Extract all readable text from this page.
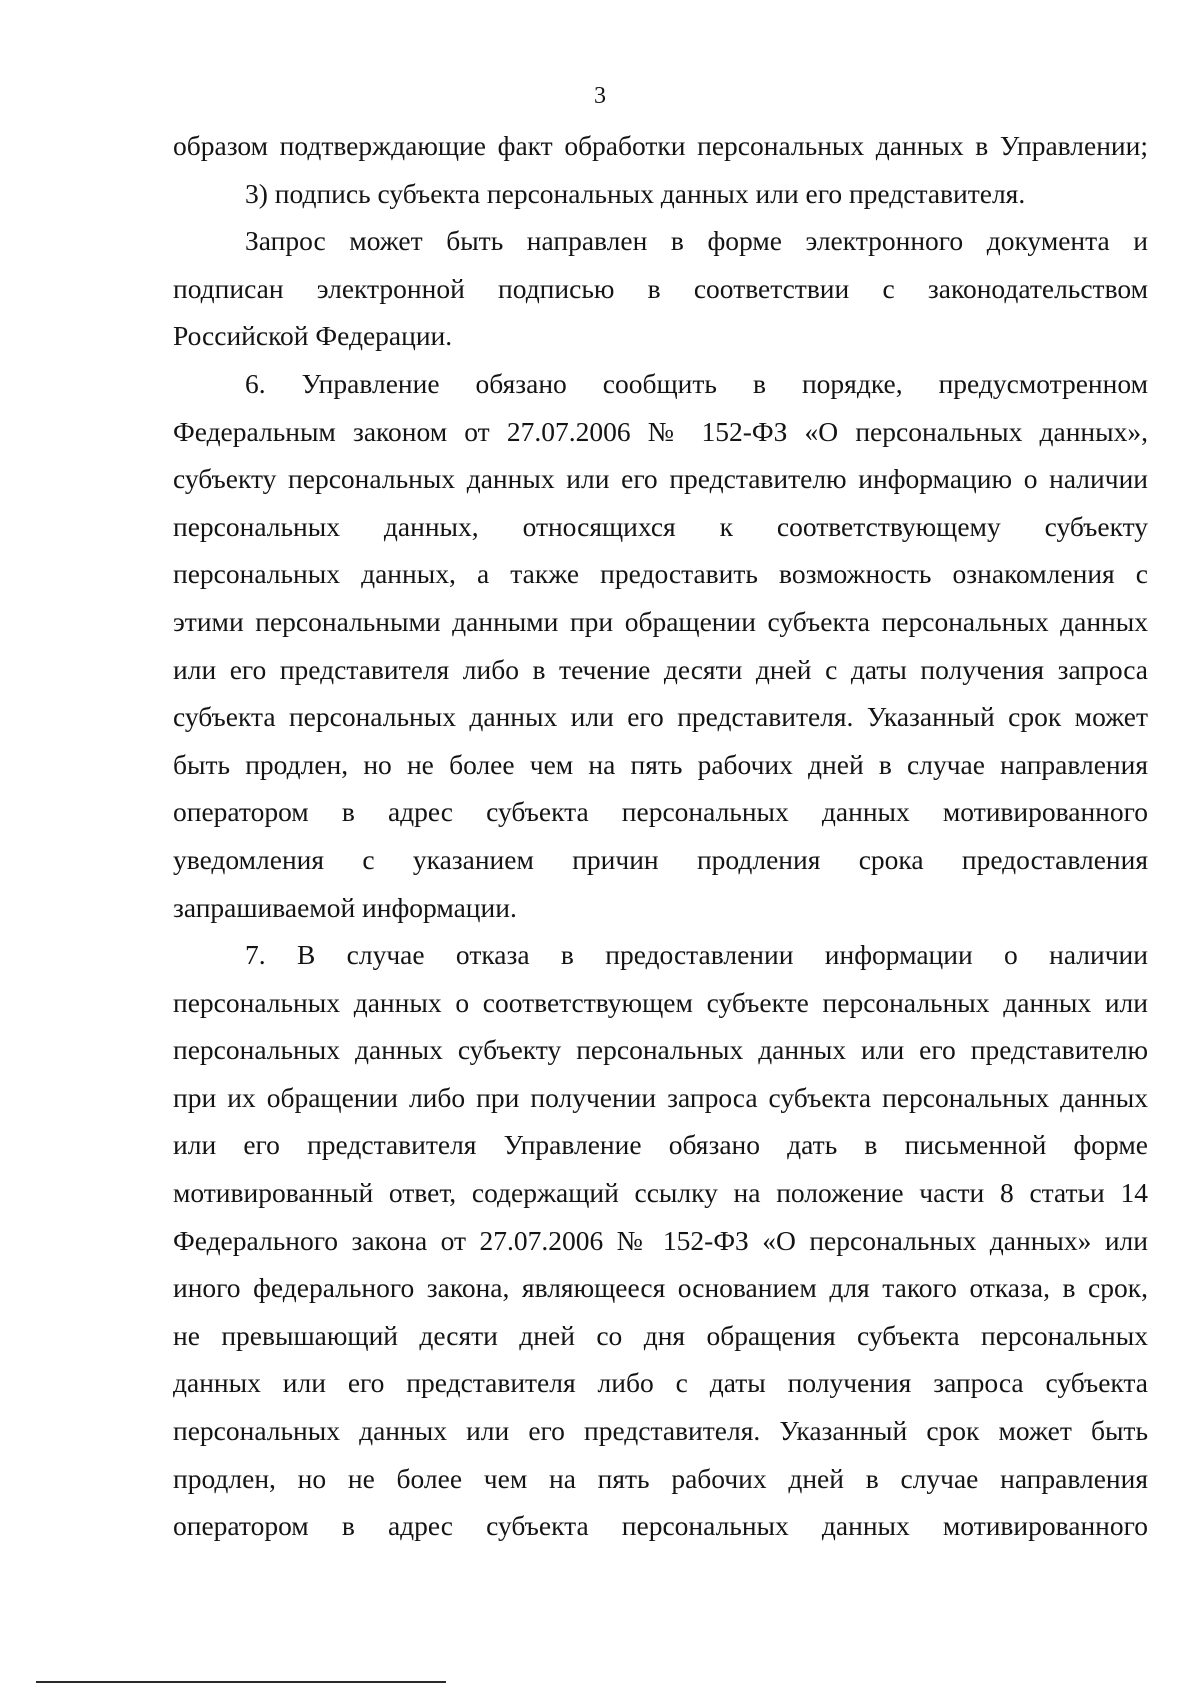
3
образом подтверждающие факт обработки персональных данных в Управлении;
3) подпись субъекта персональных данных или его представителя.
Запрос может быть направлен в форме электронного документа и
подписан электронной подписью в соответствии с законодательством
Российской Федерации.
6. Управление обязано сообщить в порядке, предусмотренном
Федеральным законом от 27.07.2006 № 152-ФЗ «О персональных данных»,
субъекту персональных данных или его представителю информацию о наличии
персональных данных, относящихся к соответствующему субъекту
персональных данных, а также предоставить возможность ознакомления с
этими персональными данными при обращении субъекта персональных данных
или его представителя либо в течение десяти дней с даты получения запроса
субъекта персональных данных или его представителя. Указанный срок может
быть продлен, но не более чем на пять рабочих дней в случае направления
оператором в адрес субъекта персональных данных мотивированного
уведомления с указанием причин продления срока предоставления
запрашиваемой информации.
7. В случае отказа в предоставлении информации о наличии
персональных данных о соответствующем субъекте персональных данных или
персональных данных субъекту персональных данных или его представителю
при их обращении либо при получении запроса субъекта персональных данных
или его представителя Управление обязано дать в письменной форме
мотивированный ответ, содержащий ссылку на положение части 8 статьи 14
Федерального закона от 27.07.2006 № 152-ФЗ «О персональных данных» или
иного федерального закона, являющееся основанием для такого отказа, в срок,
не превышающий десяти дней со дня обращения субъекта персональных
данных или его представителя либо с даты получения запроса субъекта
персональных данных или его представителя. Указанный срок может быть
продлен, но не более чем на пять рабочих дней в случае направления
оператором в адрес субъекта персональных данных мотивированного
